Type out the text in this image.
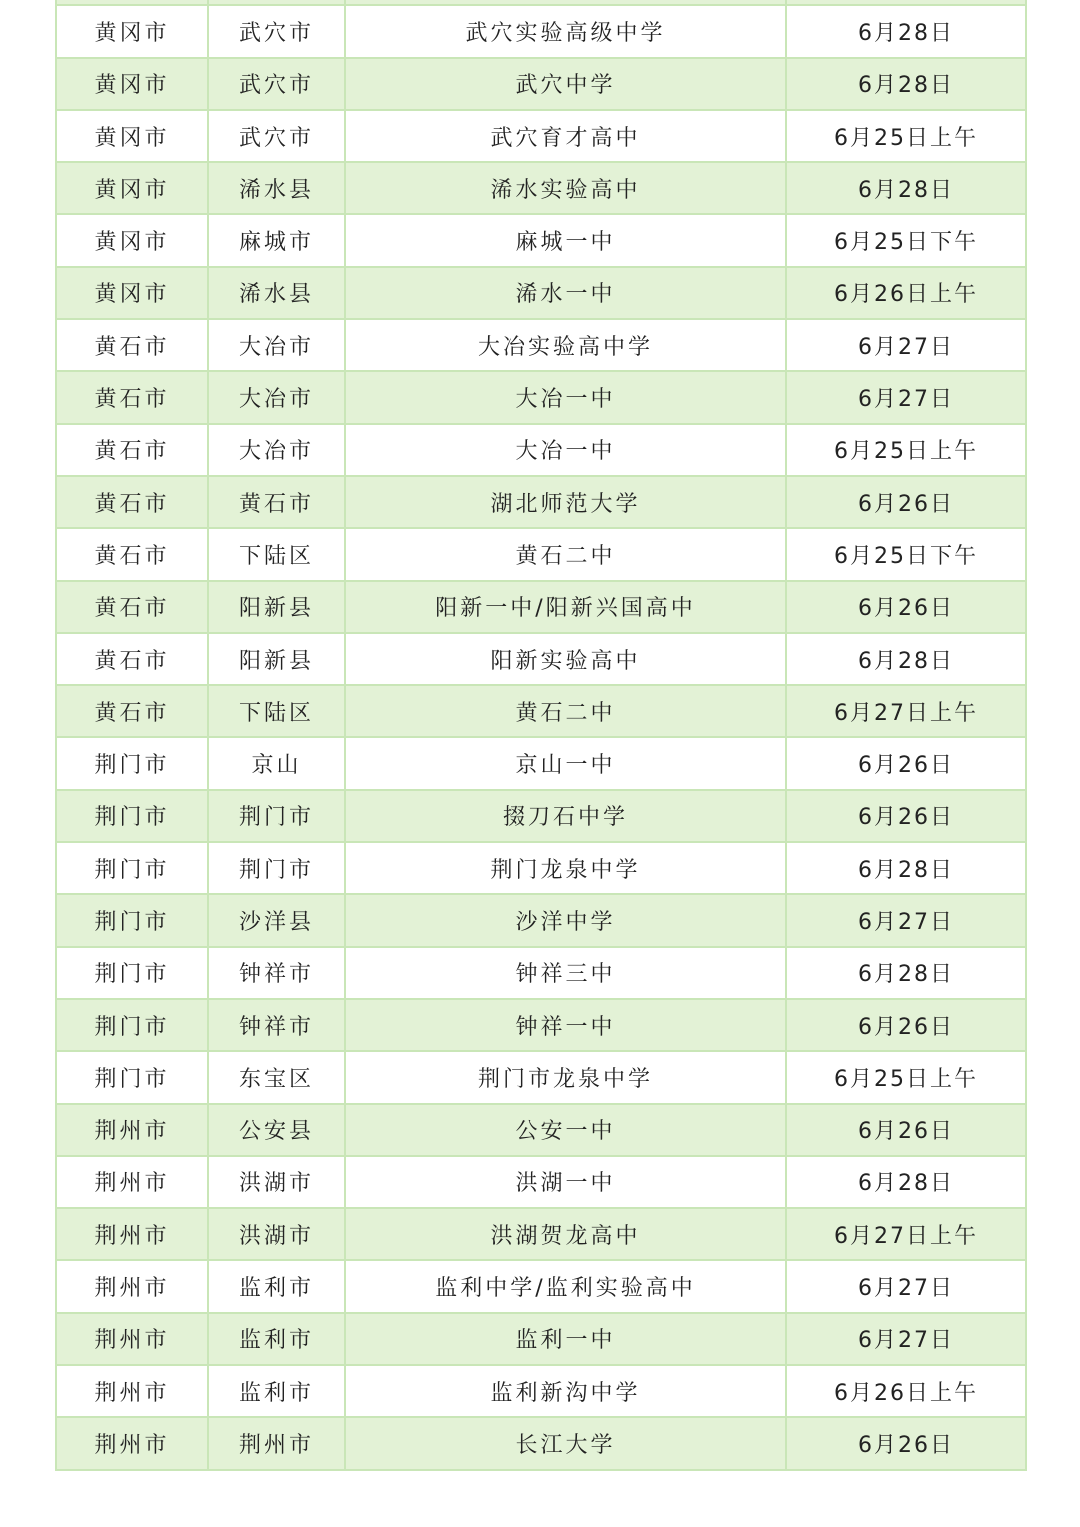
黄冈市	武穴市	武穴实验高级中学	6月28日
黄冈市	武穴市	武穴中学	6月28日
黄冈市	武穴市	武穴育才高中	6月25日上午
黄冈市	浠水县	浠水实验高中	6月28日
黄冈市	麻城市	麻城一中	6月25日下午
黄冈市	浠水县	浠水一中	6月26日上午
黄石市	大冶市	大冶实验高中学	6月27日
黄石市	大冶市	大冶一中	6月27日
黄石市	大冶市	大冶一中	6月25日上午
黄石市	黄石市	湖北师范大学	6月26日
黄石市	下陆区	黄石二中	6月25日下午
黄石市	阳新县	阳新一中/阳新兴国高中	6月26日
黄石市	阳新县	阳新实验高中	6月28日
黄石市	下陆区	黄石二中	6月27日上午
荆门市	京山	京山一中	6月26日
荆门市	荆门市	掇刀石中学	6月26日
荆门市	荆门市	荆门龙泉中学	6月28日
荆门市	沙洋县	沙洋中学	6月27日
荆门市	钟祥市	钟祥三中	6月28日
荆门市	钟祥市	钟祥一中	6月26日
荆门市	东宝区	荆门市龙泉中学	6月25日上午
荆州市	公安县	公安一中	6月26日
荆州市	洪湖市	洪湖一中	6月28日
荆州市	洪湖市	洪湖贺龙高中	6月27日上午
荆州市	监利市	监利中学/监利实验高中	6月27日
荆州市	监利市	监利一中	6月27日
荆州市	监利市	监利新沟中学	6月26日上午
荆州市	荆州市	长江大学	6月26日
